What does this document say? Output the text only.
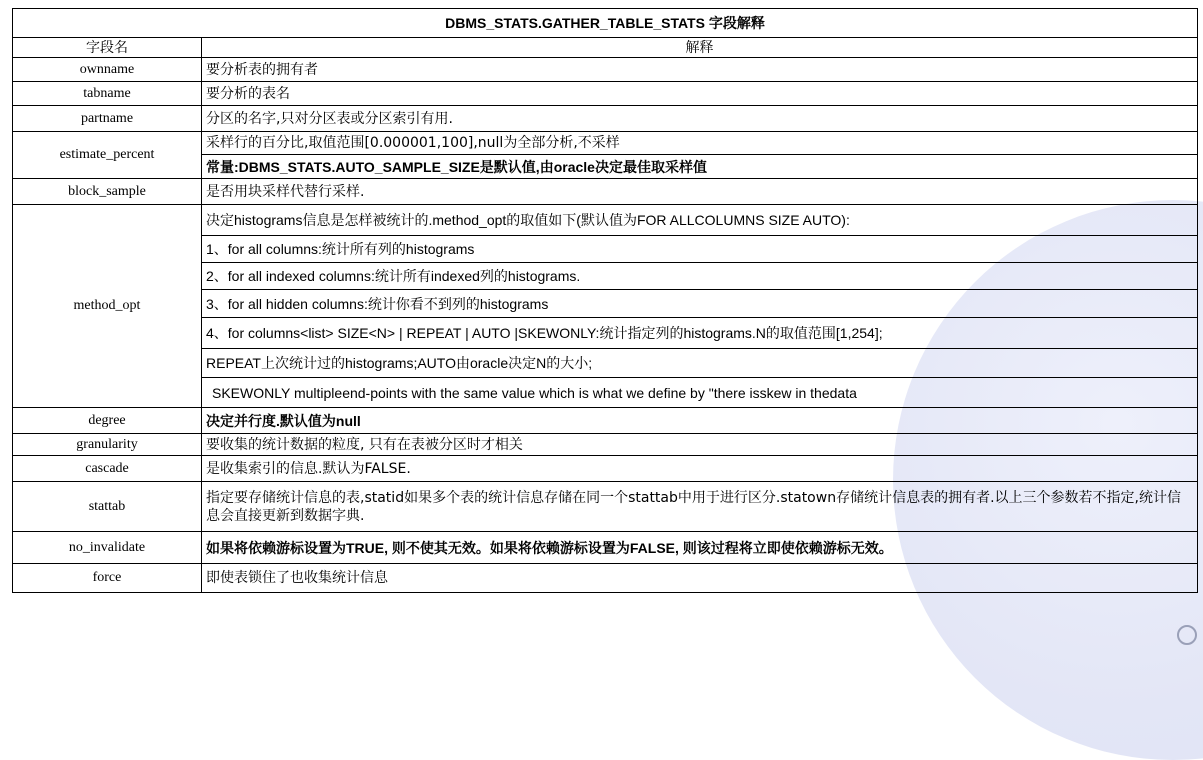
DBMS_STATS.GATHER_TABLE_STATS 字段解释	
字段名	解释
ownname	要分析表的拥有者
tabname	要分析的表名
partname	分区的名字,只对分区表或分区索引有用.
estimate_percent	采样行的百分比,取值范围[0.000001,100],null为全部分析,不采样
	常量:DBMS_STATS.AUTO_SAMPLE_SIZE是默认值,由oracle决定最佳取采样值
block_sample	是否用块采样代替行采样.
method_opt	决定histograms信息是怎样被统计的.method_opt的取值如下(默认值为FOR ALLCOLUMNS SIZE AUTO):
	1、for all columns:统计所有列的histograms
	2、for all indexed columns:统计所有indexed列的histograms.
	3、for all hidden columns:统计你看不到列的histograms
	4、for columns<list> SIZE<N> | REPEAT | AUTO |SKEWONLY:统计指定列的histograms.N的取值范围[1,254];
	REPEAT上次统计过的histograms;AUTO由oracle决定N的大小;
	SKEWONLY multipleend-points with the same value which is what we define by "there isskew in thedata
degree	决定并行度.默认值为null
granularity	要收集的统计数据的粒度, 只有在表被分区时才相关
cascade	是收集索引的信息.默认为FALSE.
stattab	指定要存储统计信息的表,statid如果多个表的统计信息存储在同一个stattab中用于进行区分.statown存储统计信息表的拥有者.以上三个参数若不指定,统计信息会直接更新到数据字典.
no_invalidate	如果将依赖游标设置为TRUE, 则不使其无效。如果将依赖游标设置为FALSE, 则该过程将立即使依赖游标无效。
force	即使表锁住了也收集统计信息
